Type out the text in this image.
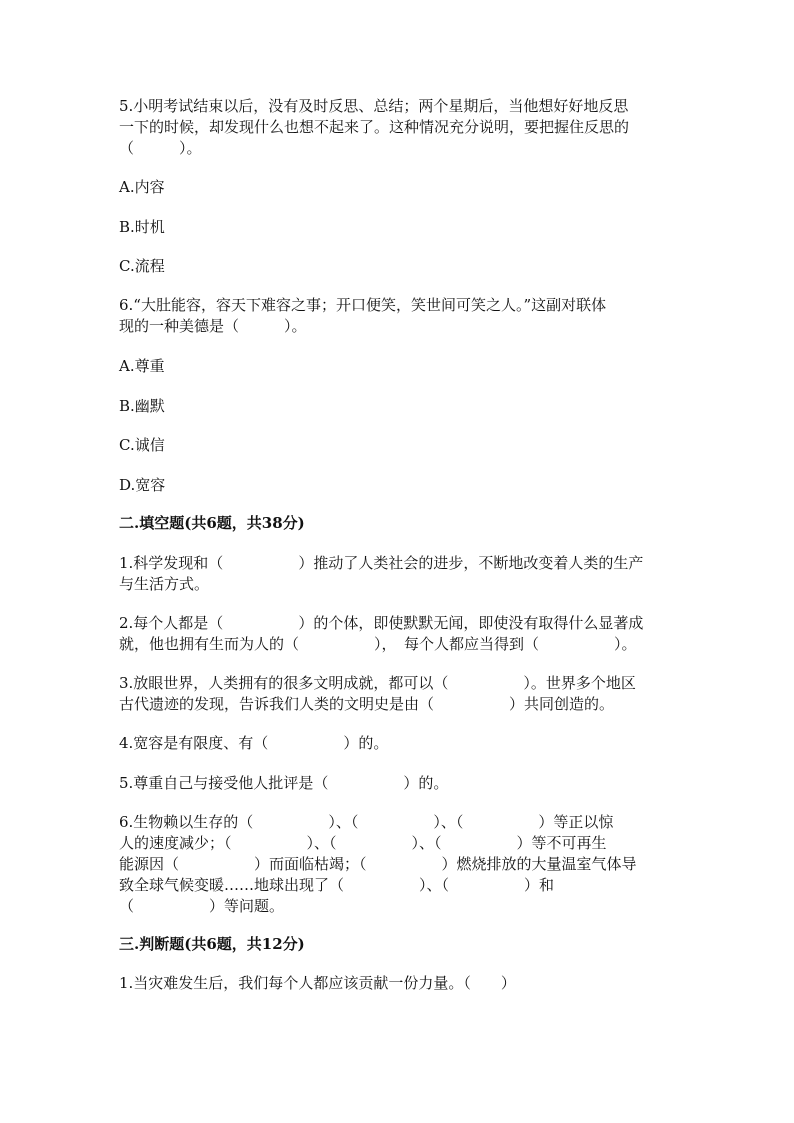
5.小明考试结束以后，没有及时反思、总结；两个星期后，当他想好好地反思

一下的时候，却发现什么也想不起来了。这种情况充分说明，要把握住反思的

（　　　）。

A.内容
B.时机
C.流程

6.“大肚能容，容天下难容之事；开口便笑，笑世间可笑之人。”这副对联体

现的一种美德是（　　　）。

A.尊重
B.幽默
C.诚信
D.宽容
二.填空题(共6题，共38分)

1.科学发现和（　　　　　）推动了人类社会的进步，不断地改变着人类的生产

与生活方式。

2.每个人都是（　　　　　）的个体，即使默默无闻，即使没有取得什么显著成

就，他也拥有生而为人的（　　　　　），　每个人都应当得到（　　　　　）。

3.放眼世界，人类拥有的很多文明成就，都可以（　　　　　）。世界多个地区

古代遗迹的发现，告诉我们人类的文明史是由（　　　　　）共同创造的。

4.宽容是有限度、有（　　　　　）的。

5.尊重自己与接受他人批评是（　　　　　）的。

6.生物赖以生存的（　　　　　）、（　　　　　）、（　　　　　）等正以惊

人的速度减少；（　　　　　）、（　　　　　）、（　　　　　）等不可再生

能源因（　　　　　）而面临枯竭；（　　　　　）燃烧排放的大量温室气体导

致全球气候变暖……地球出现了（　　　　　）、（　　　　　）和

（　　　　　）等问题。

三.判断题(共6题，共12分)

1.当灾难发生后，我们每个人都应该贡献一份力量。（　　）
